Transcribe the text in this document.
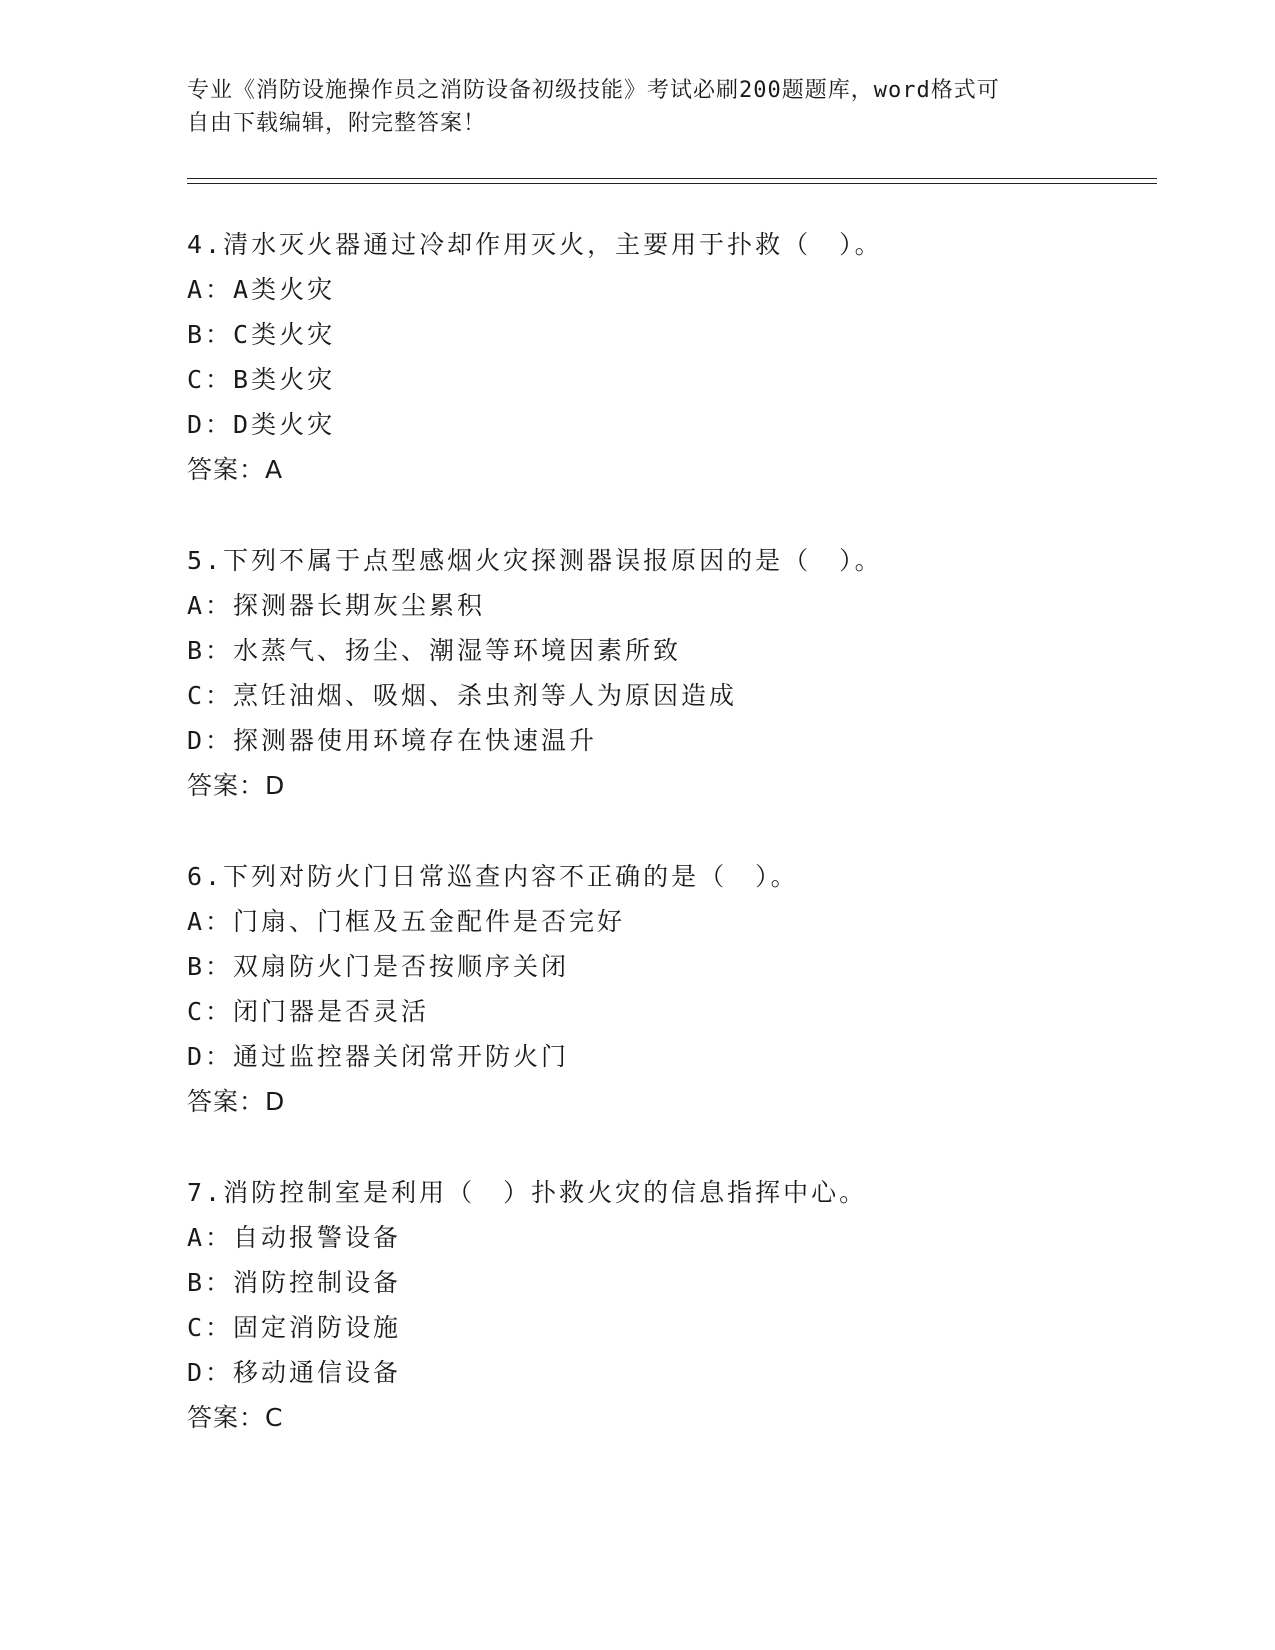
专业《消防设施操作员之消防设备初级技能》考试必刷200题题库，word格式可
自由下载编辑，附完整答案！
4.清水灭火器通过冷却作用灭火，主要用于扑救（　）。
A：A类火灾
B：C类火灾
C：B类火灾
D：D类火灾
答案：A
5.下列不属于点型感烟火灾探测器误报原因的是（　）。
A：探测器长期灰尘累积
B：水蒸气、扬尘、潮湿等环境因素所致
C：烹饪油烟、吸烟、杀虫剂等人为原因造成
D：探测器使用环境存在快速温升
答案：D
6.下列对防火门日常巡查内容不正确的是（　）。
A：门扇、门框及五金配件是否完好
B：双扇防火门是否按顺序关闭
C：闭门器是否灵活
D：通过监控器关闭常开防火门
答案：D
7.消防控制室是利用（　）扑救火灾的信息指挥中心。
A：自动报警设备
B：消防控制设备
C：固定消防设施
D：移动通信设备
答案：C
